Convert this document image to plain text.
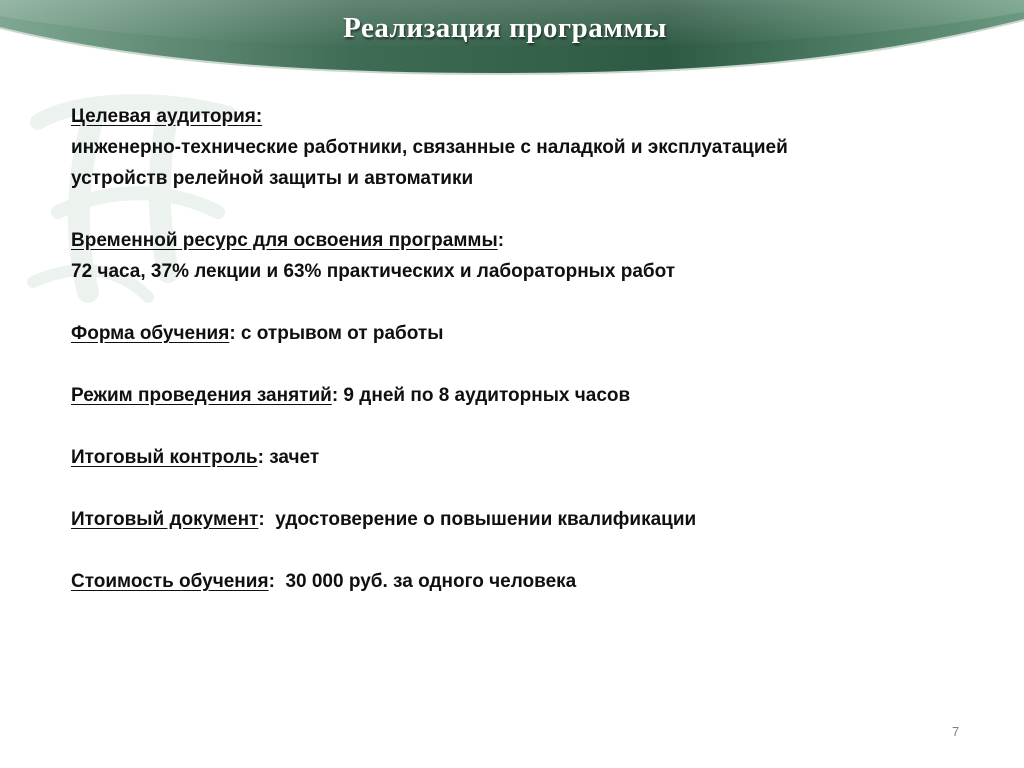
Реализация программы
Целевая аудитория:
инженерно-технические работники, связанные с наладкой и эксплуатацией
устройств релейной защиты и автоматики
Временной ресурс для освоения программы:
72 часа, 37% лекции и 63% практических и лабораторных работ
Форма обучения: с отрывом от работы
Режим проведения занятий: 9 дней по 8 аудиторных часов
Итоговый контроль: зачет
Итоговый документ:  удостоверение о повышении квалификации
Стоимость обучения:  30 000 руб. за одного человека
7
